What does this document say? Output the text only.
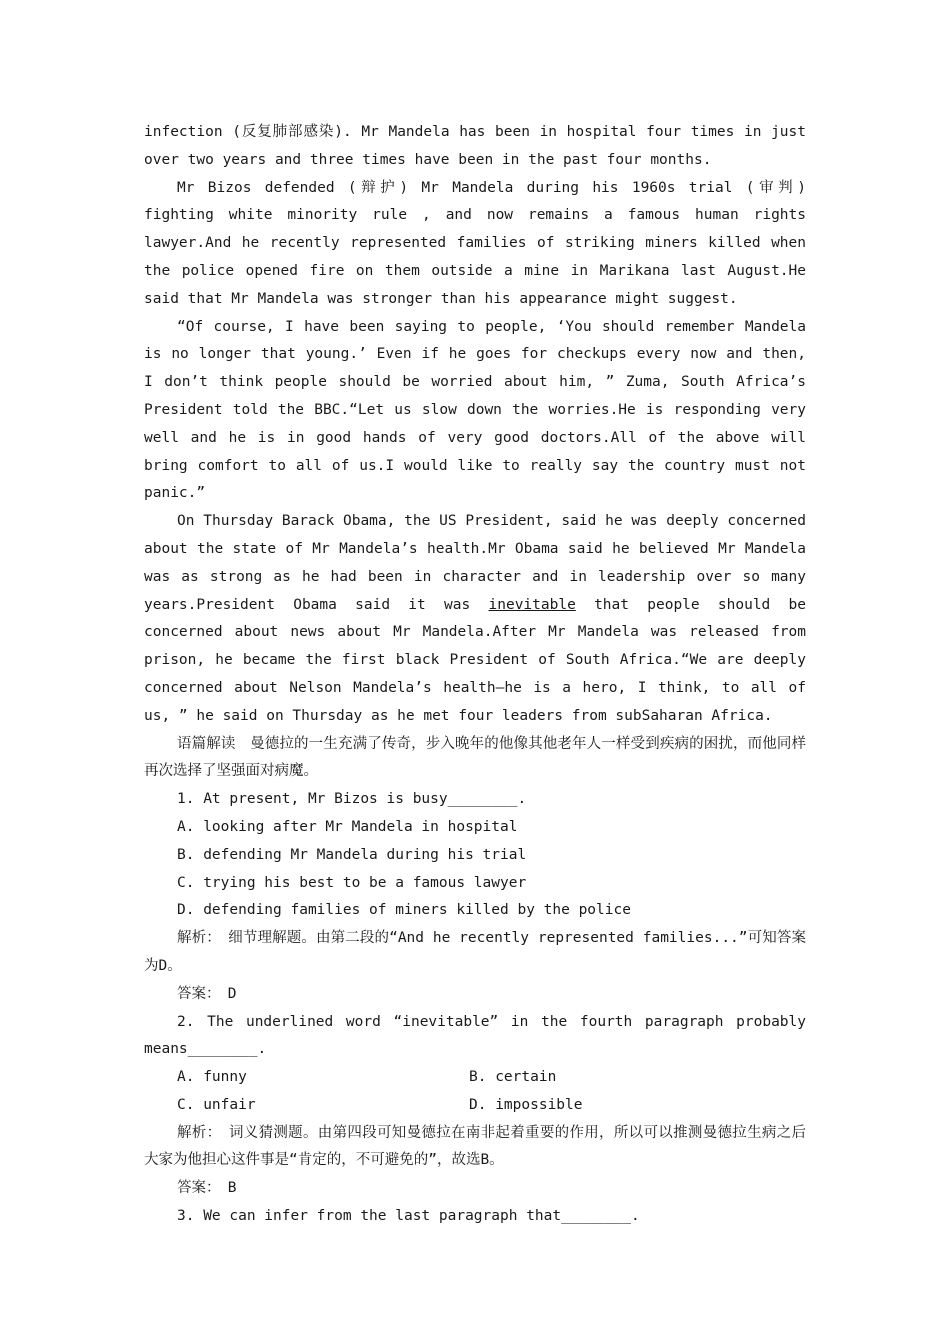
infection (反复肺部感染). Mr Mandela has been in hospital four times in just over two years and three times have been in the past four months.

Mr Bizos defended (辩护) Mr Mandela during his 1960s trial (审判) fighting white minority rule , and now remains a famous human rights lawyer.And he recently represented families of striking miners killed when the police opened fire on them outside a mine in Marikana last August.He said that Mr Mandela was stronger than his appearance might suggest.

“Of course, I have been saying to people, ‘You should remember Mandela is no longer that young.’ Even if he goes for checkups every now and then, I don’t think people should be worried about him, ” Zuma, South Africa’s President told the BBC.“Let us slow down the worries.He is responding very well and he is in good hands of very good doctors.All of the above will bring comfort to all of us.I would like to really say the country must not panic.”

On Thursday Barack Obama, the US President, said he was deeply concerned about the state of Mr Mandela’s health.Mr Obama said he believed Mr Mandela was as strong as he had been in character and in leadership over so many years.President Obama said it was inevitable that people should be concerned about news about Mr Mandela.After Mr Mandela was released from prison, he became the first black President of South Africa.“We are deeply concerned about Nelson Mandela’s health—he is a hero, I think, to all of us, ” he said on Thursday as he met four leaders from subSaharan Africa.

语篇解读　曼德拉的一生充满了传奇，步入晚年的他像其他老年人一样受到疾病的困扰，而他同样再次选择了坚强面对病魔。

1. At present, Mr Bizos is busy________.

A. looking after Mr Mandela in hospital

B. defending Mr Mandela during his trial

C. trying his best to be a famous lawyer

D. defending families of miners killed by the police

解析：　细节理解题。由第二段的“And he recently represented families...”可知答案为D。

答案：　D

2. The underlined word “inevitable” in the fourth paragraph probably means________.

A. funny	B. certain
C. unfair	D. impossible

解析：　词义猜测题。由第四段可知曼德拉在南非起着重要的作用，所以可以推测曼德拉生病之后大家为他担心这件事是“肯定的，不可避免的”，故选B。

答案：　B

3. We can infer from the last paragraph that________.
